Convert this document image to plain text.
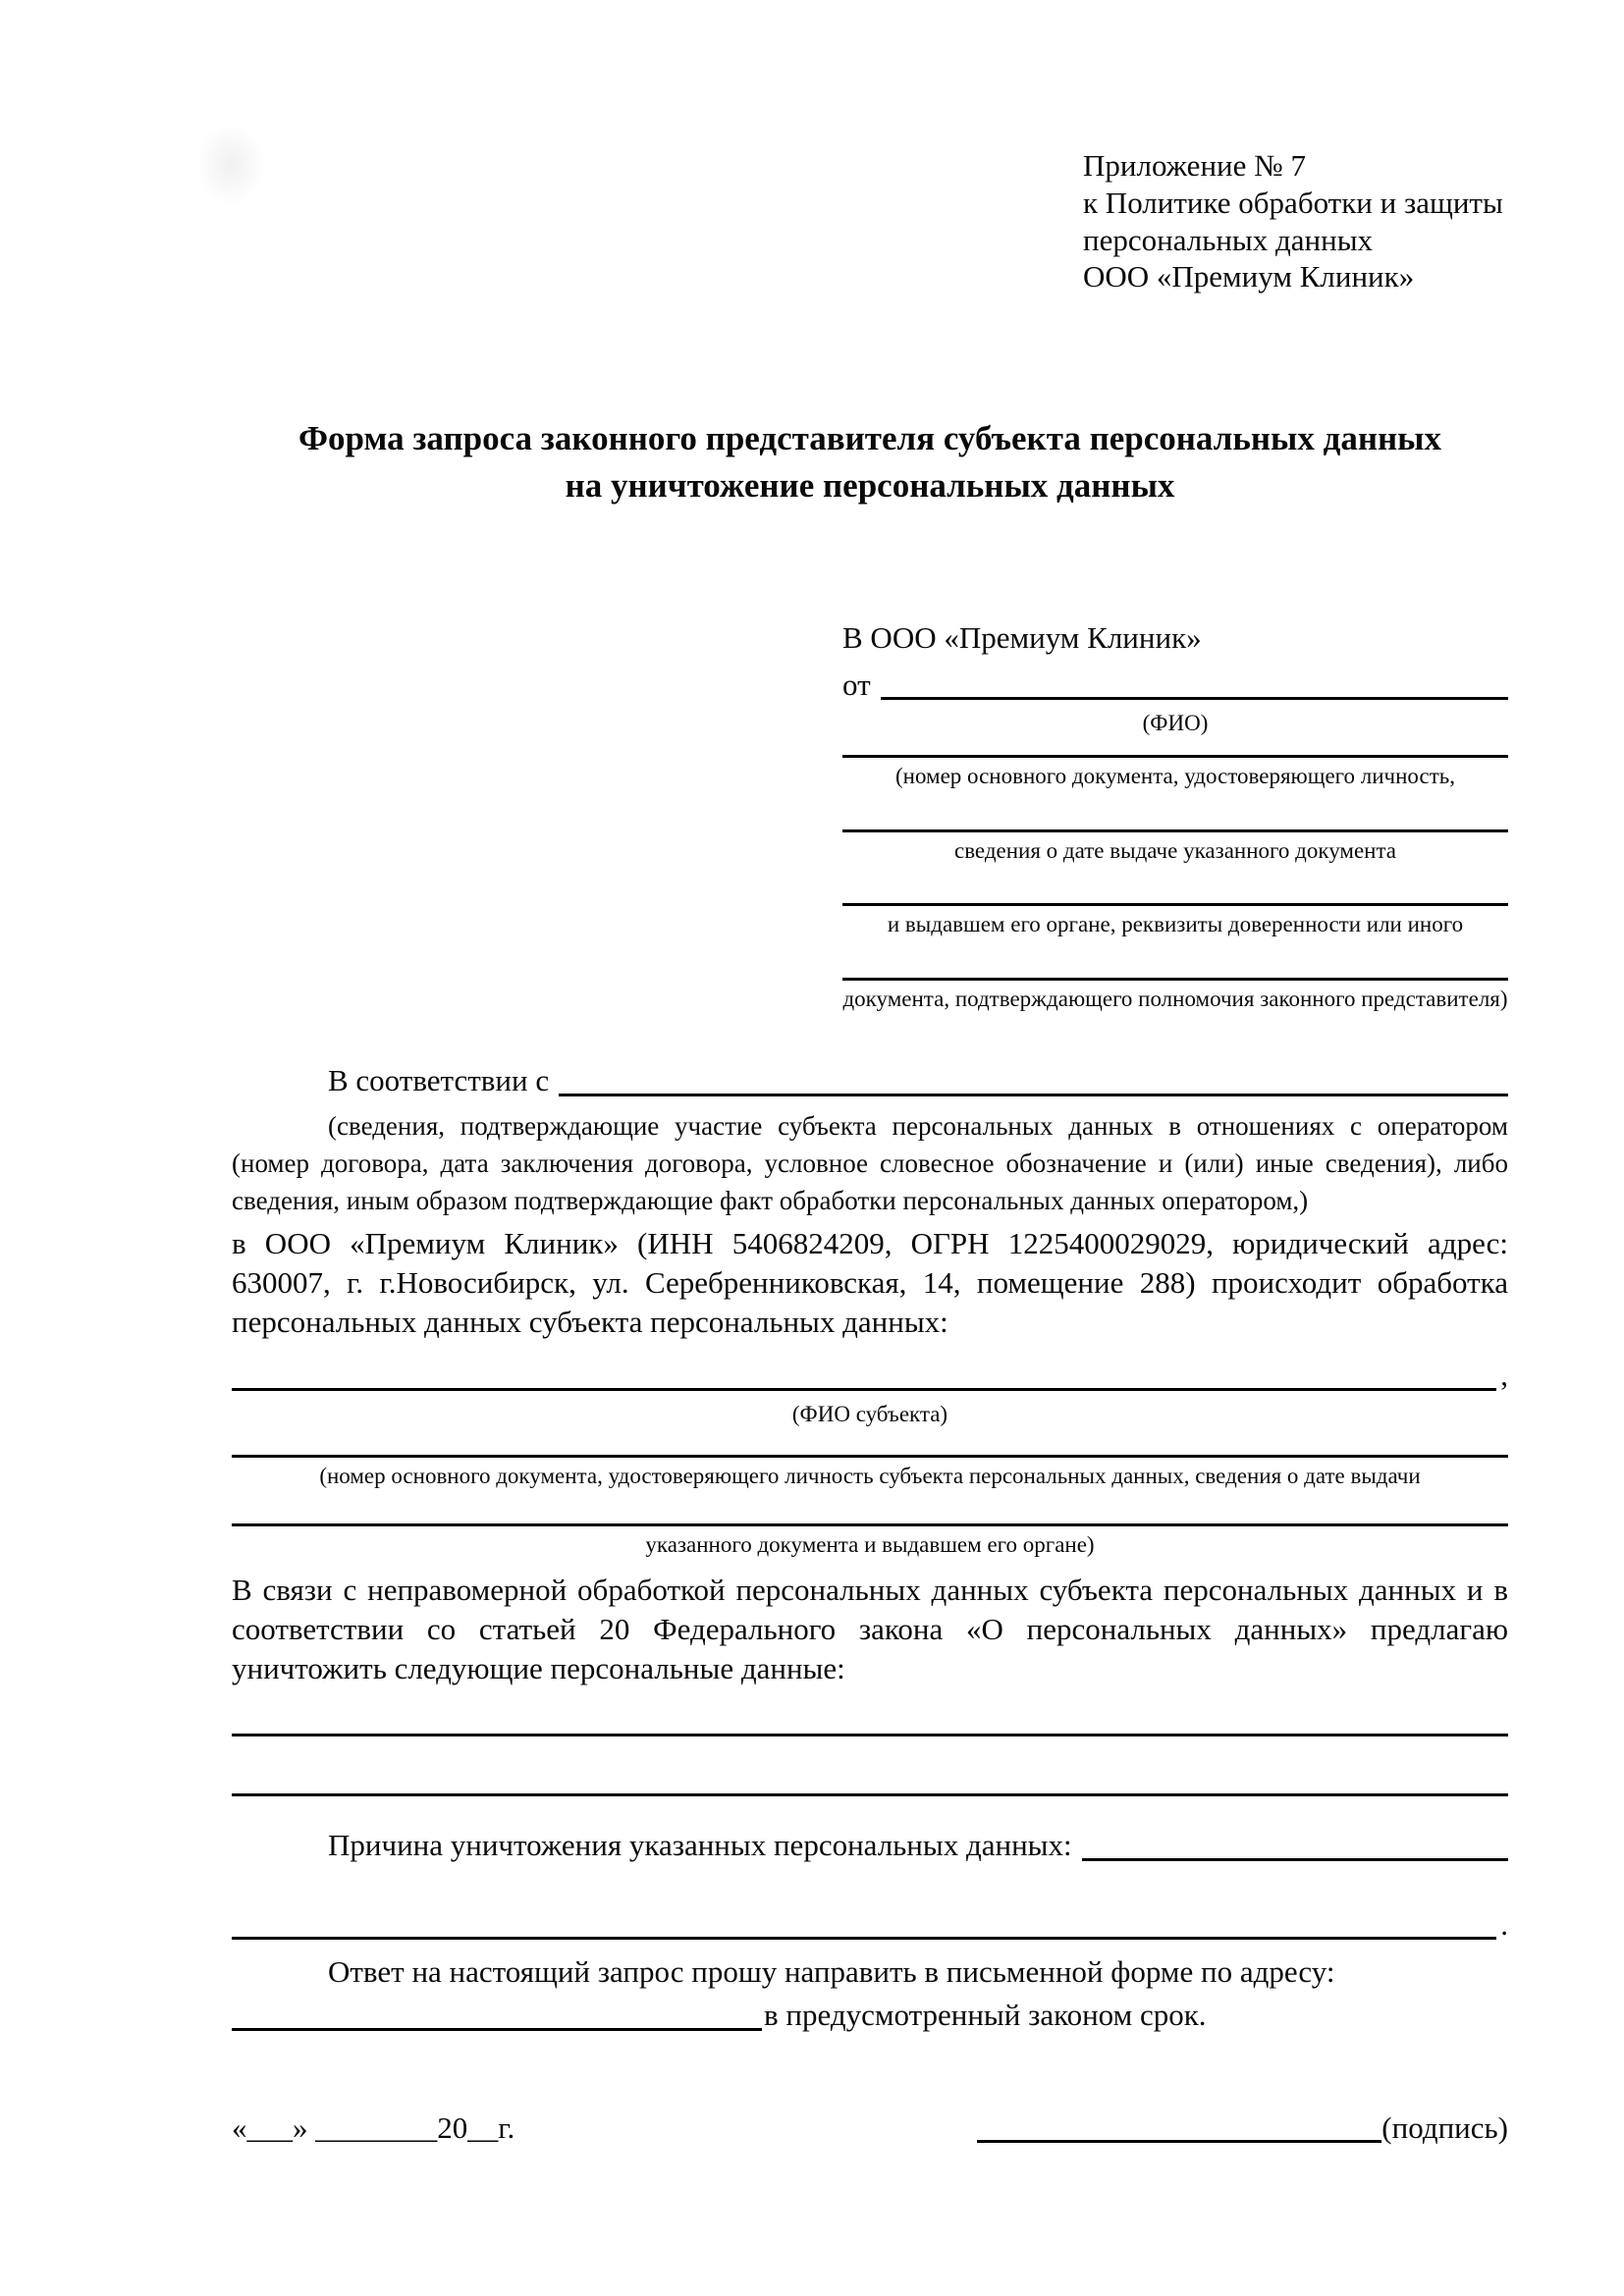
Приложение № 7
к Политике обработки и защиты
персональных данных
ООО «Премиум Клиник»
Форма запроса законного представителя субъекта персональных данных
на уничтожение персональных данных
В ООО «Премиум Клиник»
от
(ФИО)
(номер основного документа, удостоверяющего личность,
сведения о дате выдаче указанного документа
и выдавшем его органе, реквизиты доверенности или иного
документа, подтверждающего полномочия законного представителя)
В соответствии с
(сведения, подтверждающие участие субъекта персональных данных в отношениях с оператором (номер договора, дата заключения договора, условное словесное обозначение и (или) иные сведения), либо сведения, иным образом подтверждающие факт обработки персональных данных оператором,)
в ООО «Премиум Клиник» (ИНН 5406824209, ОГРН 1225400029029, юридический адрес: 630007, г. г.Новосибирск, ул. Серебренниковская, 14, помещение 288) происходит обработка персональных данных субъекта персональных данных:
,
(ФИО субъекта)
(номер основного документа, удостоверяющего личность субъекта персональных данных, сведения о дате выдачи
указанного документа и выдавшем его органе)
В связи с неправомерной обработкой персональных данных субъекта персональных данных и в соответствии со статьей 20 Федерального закона «О персональных данных» предлагаю уничтожить следующие персональные данные:
Причина уничтожения указанных персональных данных:
.
Ответ на настоящий запрос прошу направить в письменной форме по адресу:
в предусмотренный законом срок.
«___» ________20__г.	(подпись)
